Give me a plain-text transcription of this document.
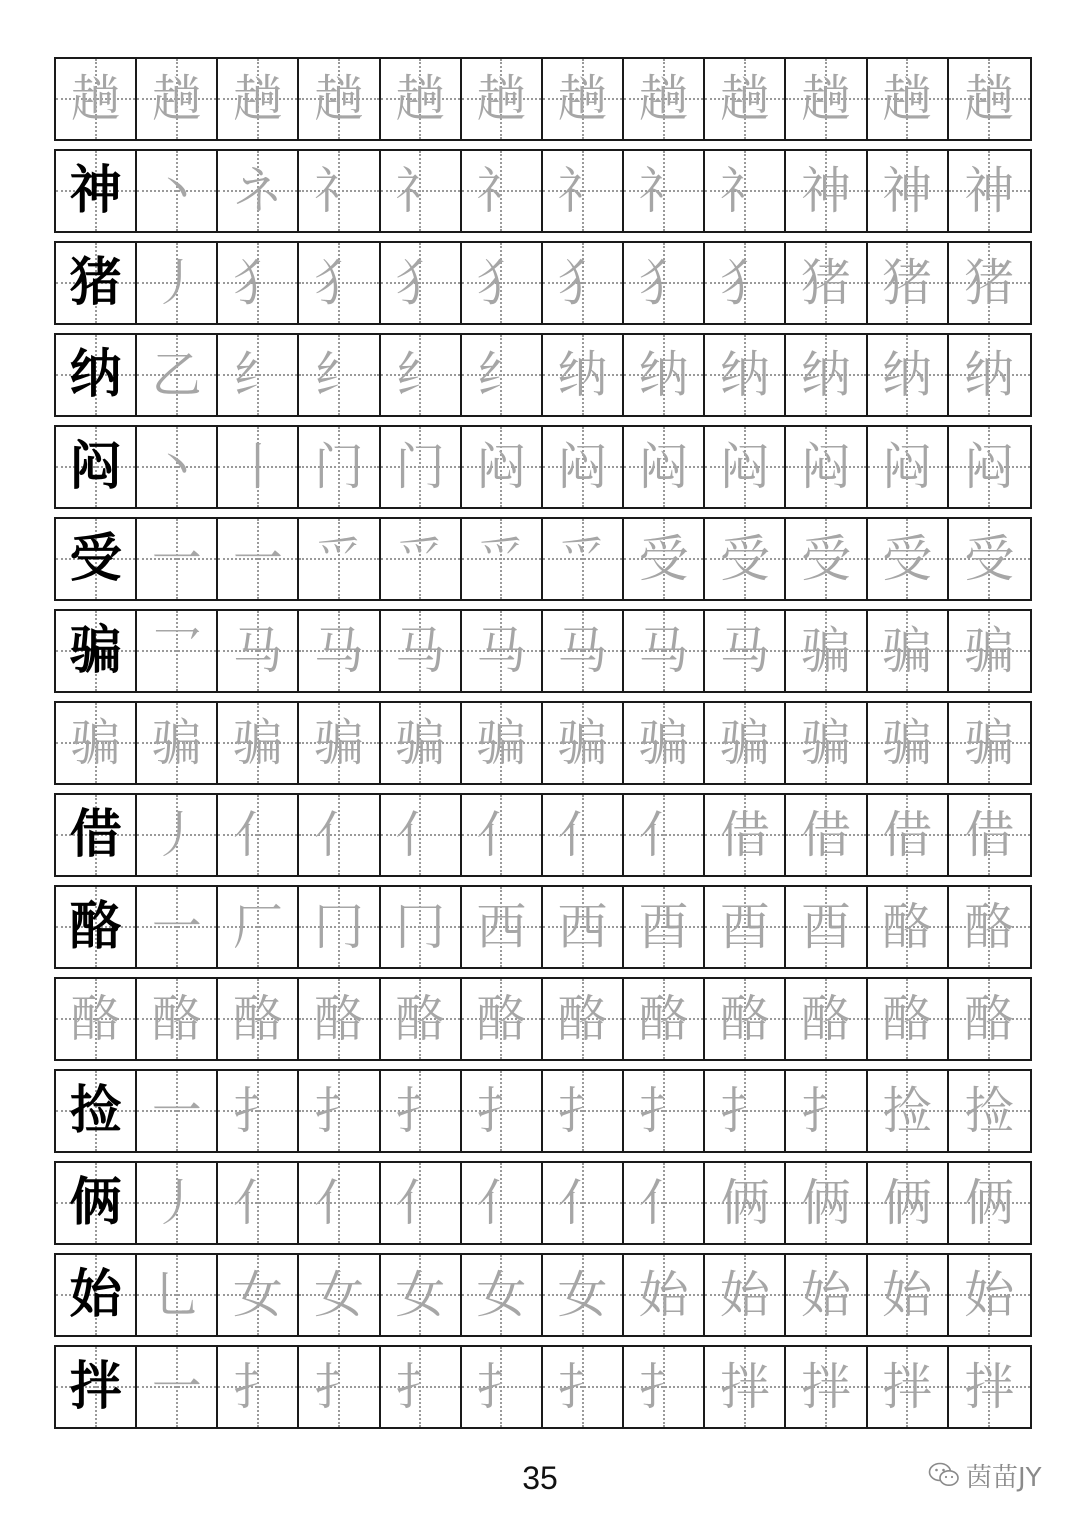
趟 趟 趟 趟 趟 趟 趟 趟 趟 趟 趟 趟
神 丶 ネ 礻 礻 礻 礻 礻 礻 神 神 神
猪 丿 犭 犭 犭 犭 犭 犭 犭 猪 猪 猪
纳 乙 纟 纟 纟 纟 纳 纳 纳 纳 纳 纳
闷 丶 丨 门 门 闷 闷 闷 闷 闷 闷 闷
受 一 一 爫 爫 爫 爫 受 受 受 受 受
骗 乛 马 马 马 马 马 马 马 骗 骗 骗
骗 骗 骗 骗 骗 骗 骗 骗 骗 骗 骗 骗
借 丿 亻 亻 亻 亻 亻 亻 借 借 借 借
酪 一 厂 冂 冂 西 西 酉 酉 酉 酪 酪
酪 酪 酪 酪 酪 酪 酪 酪 酪 酪 酪 酪
捡 一 扌 扌 扌 扌 扌 扌 扌 扌 捡 捡
俩 丿 亻 亻 亻 亻 亻 亻 俩 俩 俩 俩
始 乚 女 女 女 女 女 始 始 始 始 始
拌 一 扌 扌 扌 扌 扌 扌 拌 拌 拌 拌
35	茵苗JY
